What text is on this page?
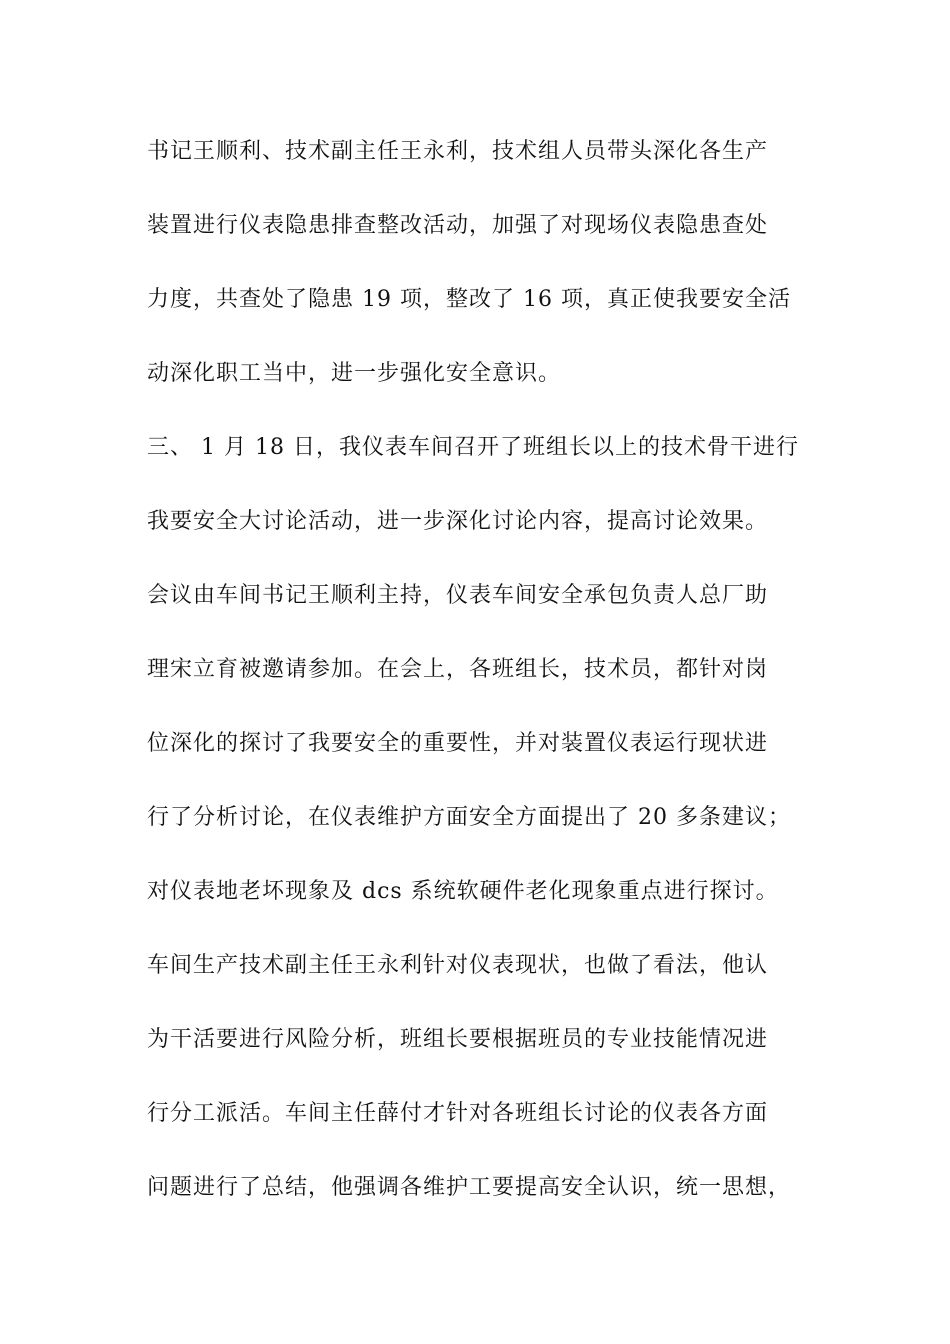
书记王顺利、技术副主任王永利，技术组人员带头深化各生产
装置进行仪表隐患排查整改活动，加强了对现场仪表隐患查处
力度，共查处了隐患 19 项，整改了 16 项，真正使我要安全活
动深化职工当中，进一步强化安全意识。
三、 1 月 18 日，我仪表车间召开了班组长以上的技术骨干进行
我要安全大讨论活动，进一步深化讨论内容，提高讨论效果。
会议由车间书记王顺利主持，仪表车间安全承包负责人总厂助
理宋立育被邀请参加。在会上，各班组长，技术员，都针对岗
位深化的探讨了我要安全的重要性，并对装置仪表运行现状进
行了分析讨论，在仪表维护方面安全方面提出了 20 多条建议；
对仪表地老坏现象及 dcs 系统软硬件老化现象重点进行探讨。
车间生产技术副主任王永利针对仪表现状，也做了看法，他认
为干活要进行风险分析，班组长要根据班员的专业技能情况进
行分工派活。车间主任薛付才针对各班组长讨论的仪表各方面
问题进行了总结，他强调各维护工要提高安全认识，统一思想，
